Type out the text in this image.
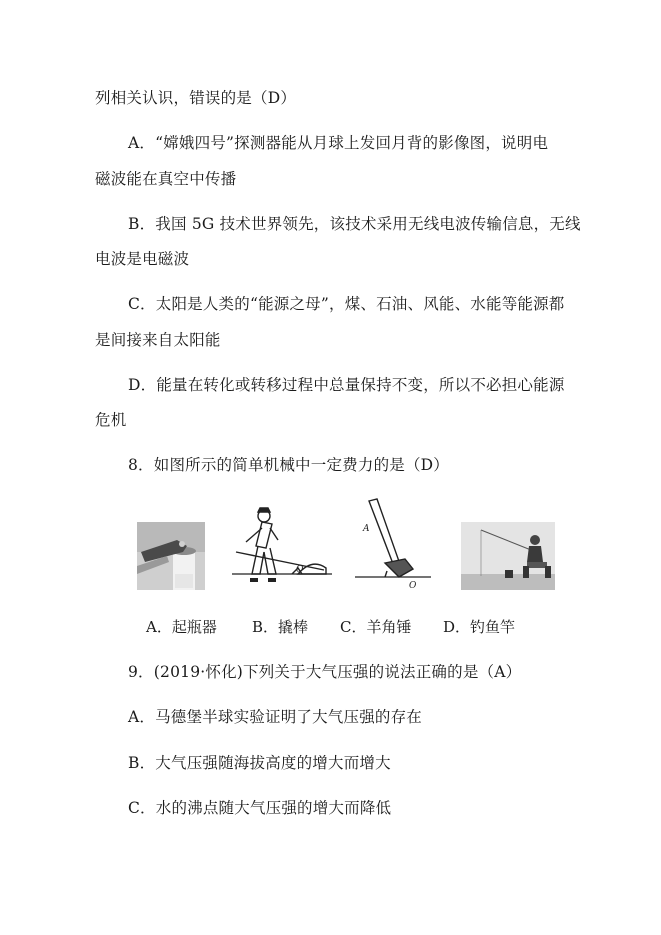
列相关认识，错误的是（D）
A．“嫦娥四号”探测器能从月球上发回月背的影像图，说明电
磁波能在真空中传播
B．我国 5G 技术世界领先，该技术采用无线电波传输信息，无线
电波是电磁波
C．太阳是人类的“能源之母”，煤、石油、风能、水能等能源都
是间接来自太阳能
D．能量在转化或转移过程中总量保持不变，所以不必担心能源
危机
8．如图所示的简单机械中一定费力的是（D）
A．起瓶器
O
B．撬棒
A
O
C．羊角锤 D．钓鱼竿
9．(2019·怀化)下列关于大气压强的说法正确的是（A）
A．马德堡半球实验证明了大气压强的存在
B．大气压强随海拔高度的增大而增大
C．水的沸点随大气压强的增大而降低
